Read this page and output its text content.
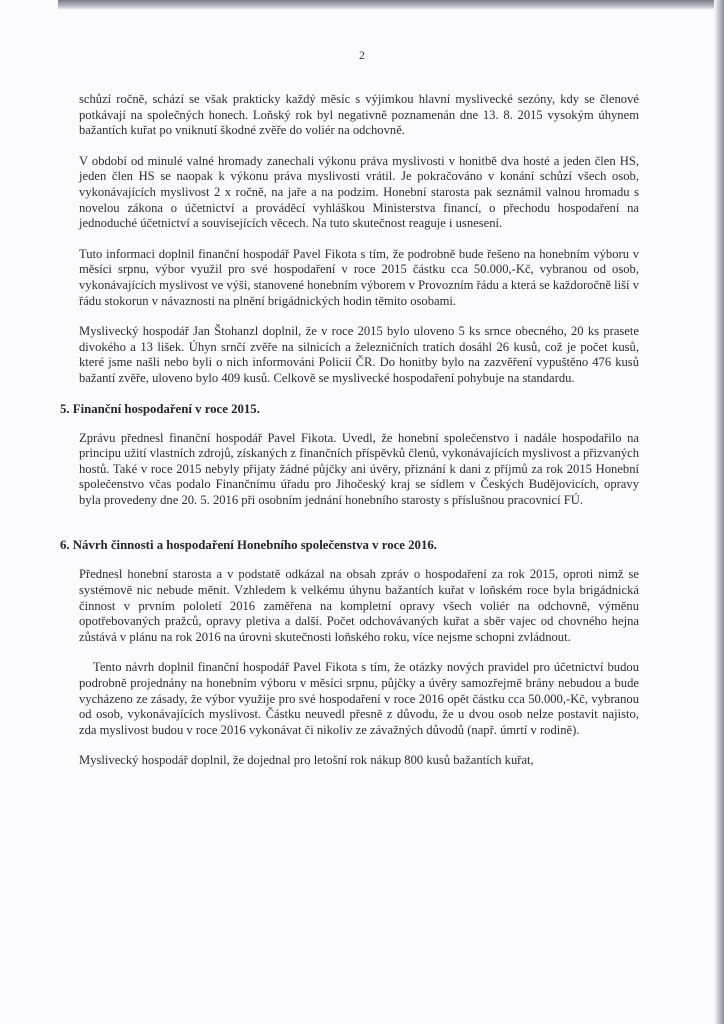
2

schůzí ročně, schází se však prakticky každý měsíc s výjimkou hlavní myslivecké sezóny, kdy se členové potkávají na společných honech. Loňský rok byl negativně poznamenán dne 13. 8. 2015 vysokým úhynem bažantích kuřat po vniknutí škodné zvěře do voliér na odchovně.

V období od minulé valné hromady zanechali výkonu práva myslivosti v honitbě dva hosté a jeden člen HS, jeden člen HS se naopak k výkonu práva myslivosti vrátil. Je pokračováno v konání schůzí všech osob, vykonávajících myslivost 2 x ročně, na jaře a na podzim. Honební starosta pak seznámil valnou hromadu s novelou zákona o účetnictví a prováděcí vyhláškou Ministerstva financí, o přechodu hospodaření na jednoduché účetnictví a souvisejících věcech. Na tuto skutečnost reaguje i usnesení.

Tuto informaci doplnil finanční hospodář Pavel Fikota s tím, že podrobně bude řešeno na honebním výboru v měsíci srpnu, výbor využil pro své hospodaření v roce 2015 částku cca 50.000,-Kč, vybranou od osob, vykonávajících myslivost ve výši, stanovené honebním výborem v Provozním řádu a která se každoročně liší v řádu stokorun v návaznosti na plnění brigádnických hodin těmito osobami.

Myslivecký hospodář Jan Štohanzl doplnil, že v roce 2015 bylo uloveno 5 ks srnce obecného, 20 ks prasete divokého a 13 lišek. Úhyn srnčí zvěře na silnicích a železničních tratích dosáhl 26 kusů, což je počet kusů, které jsme našli nebo byli o nich informováni Policií ČR. Do honitby bylo na zazvěření vypuštěno 476 kusů bažantí zvěře, uloveno bylo 409 kusů. Celkově se myslivecké hospodaření pohybuje na standardu.

5. Finanční hospodaření v roce 2015.

Zprávu přednesl finanční hospodář Pavel Fikota. Uvedl, že honební společenstvo i nadále hospodařilo na principu užití vlastních zdrojů, získaných z finančních příspěvků členů, vykonávajících myslivost a přizvaných hostů. Také v roce 2015 nebyly přijaty žádné půjčky ani úvěry, přiznání k dani z příjmů za rok 2015 Honební společenstvo včas podalo Finančnímu úřadu pro Jihočeský kraj se sídlem v Českých Budějovicích, opravy byla provedeny dne 20. 5. 2016 při osobním jednání honebního starosty s příslušnou pracovnicí FÚ.

6. Návrh činnosti a hospodaření Honebního společenstva v roce 2016.

Přednesl honební starosta a v podstatě odkázal na obsah zpráv o hospodaření za rok 2015, oproti nimž se systémově nic nebude měnit. Vzhledem k velkému úhynu bažantích kuřat v loňském roce byla brigádnická činnost v prvním pololetí 2016 zaměřena na kompletní opravy všech voliér na odchovně, výměnu opotřebovaných pražců, opravy pletiva a další. Počet odchovávaných kuřat a sběr vajec od chovného hejna zůstává v plánu na rok 2016 na úrovni skutečnosti loňského roku, více nejsme schopni zvládnout.

Tento návrh doplnil finanční hospodář Pavel Fikota s tím, že otázky nových pravidel pro účetnictví budou podrobně projednány na honebním výboru v měsíci srpnu, půjčky a úvěry samozřejmě brány nebudou a bude vycházeno ze zásady, že výbor využije pro své hospodaření v roce 2016 opět částku cca 50.000,-Kč, vybranou od osob, vykonávajících myslivost. Částku neuvedl přesně z důvodu, že u dvou osob nelze postavit najisto, zda myslivost budou v roce 2016 vykonávat či nikoliv ze závažných důvodů (např. úmrtí v rodině).

Myslivecký hospodář doplnil, že dojednal pro letošní rok nákup 800 kusů bažantích kuřat,
